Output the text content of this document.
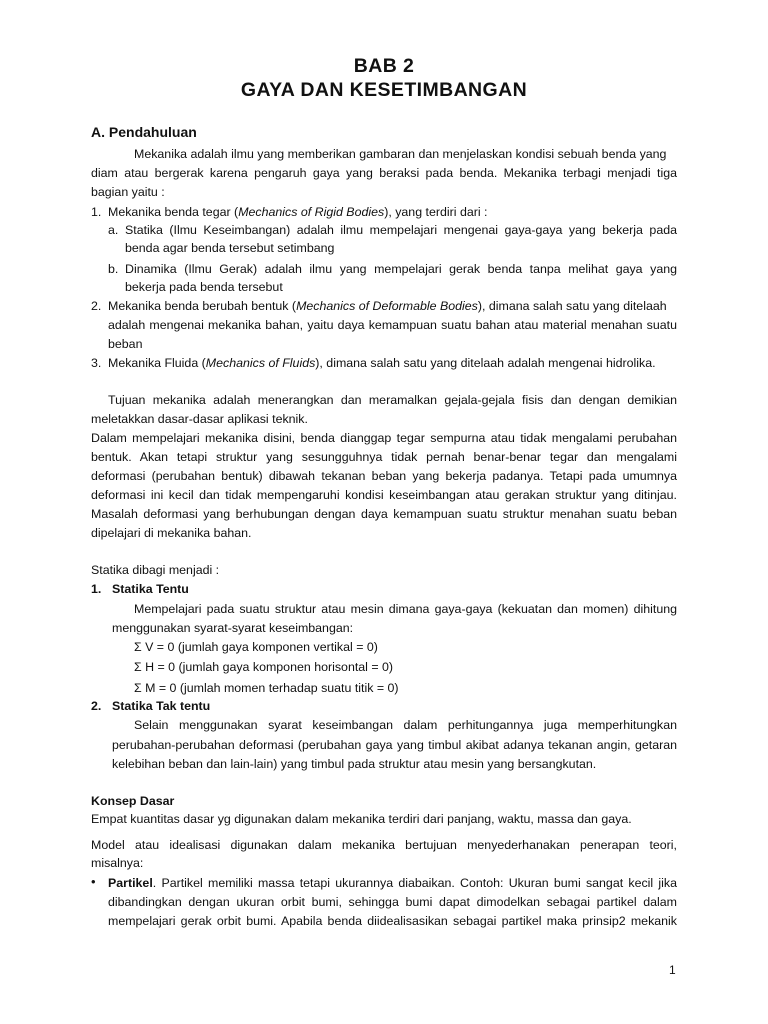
BAB 2
GAYA DAN KESETIMBANGAN
A. Pendahuluan
Mekanika adalah ilmu yang memberikan gambaran dan menjelaskan kondisi sebuah benda yang
diam atau bergerak karena pengaruh gaya yang beraksi pada benda. Mekanika terbagi menjadi tiga
bagian yaitu :
1. Mekanika benda tegar (Mechanics of Rigid Bodies), yang terdiri dari :
a. Statika (Ilmu Keseimbangan) adalah ilmu mempelajari mengenai gaya-gaya yang bekerja pada
benda agar benda tersebut setimbang
b. Dinamika (Ilmu Gerak) adalah ilmu yang mempelajari gerak benda tanpa melihat gaya yang
bekerja pada benda tersebut
2. Mekanika benda berubah bentuk (Mechanics of Deformable Bodies), dimana salah satu yang ditelaah
adalah mengenai mekanika bahan, yaitu daya kemampuan suatu bahan atau material menahan suatu
beban
3. Mekanika Fluida (Mechanics of Fluids), dimana salah satu yang ditelaah adalah mengenai hidrolika.
Tujuan mekanika adalah menerangkan dan meramalkan gejala-gejala fisis dan dengan demikian
meletakkan dasar-dasar aplikasi teknik.
Dalam mempelajari mekanika disini, benda dianggap tegar sempurna atau tidak mengalami perubahan
bentuk. Akan tetapi struktur yang sesungguhnya tidak pernah benar-benar tegar dan mengalami
deformasi (perubahan bentuk) dibawah tekanan beban yang bekerja padanya. Tetapi pada umumnya
deformasi ini kecil dan tidak mempengaruhi kondisi keseimbangan atau gerakan struktur yang ditinjau.
Masalah deformasi yang berhubungan dengan daya kemampuan suatu struktur menahan suatu beban
dipelajari di mekanika bahan.
Statika dibagi menjadi :
1. Statika Tentu
Mempelajari pada suatu struktur atau mesin dimana gaya-gaya (kekuatan dan momen) dihitung
menggunakan syarat-syarat keseimbangan:
Σ V = 0 (jumlah gaya komponen vertikal = 0)
Σ H = 0 (jumlah gaya komponen horisontal = 0)
Σ M = 0 (jumlah momen terhadap suatu titik = 0)
2. Statika Tak tentu
Selain menggunakan syarat keseimbangan dalam perhitungannya juga memperhitungkan
perubahan-perubahan deformasi (perubahan gaya yang timbul akibat adanya tekanan angin, getaran
kelebihan beban dan lain-lain) yang timbul pada struktur atau mesin yang bersangkutan.
Konsep Dasar
Empat kuantitas dasar yg digunakan dalam mekanika terdiri dari panjang, waktu, massa dan gaya.
Model atau idealisasi digunakan dalam mekanika bertujuan menyederhanakan penerapan teori,
misalnya:
• Partikel. Partikel memiliki massa tetapi ukurannya diabaikan. Contoh: Ukuran bumi sangat kecil jika
dibandingkan dengan ukuran orbit bumi, sehingga bumi dapat dimodelkan sebagai partikel dalam
mempelajari gerak orbit bumi. Apabila benda diidealisasikan sebagai partikel maka prinsip2 mekanik
1
